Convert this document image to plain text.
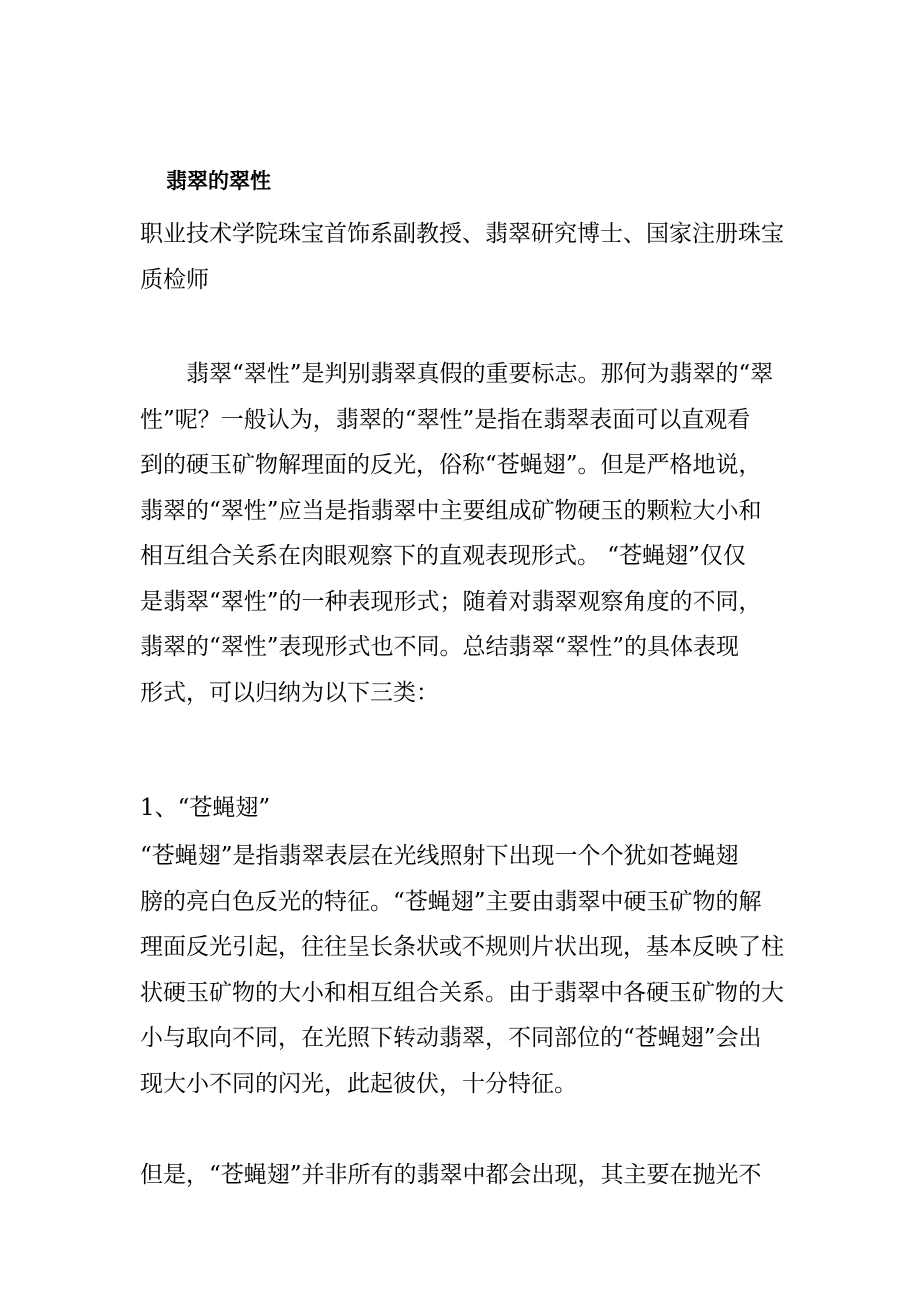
翡翠的翠性
职业技术学院珠宝首饰系副教授、翡翠研究博士、国家注册珠宝
质检师
翡翠“翠性”是判别翡翠真假的重要标志。那何为翡翠的“翠
性”呢？一般认为，翡翠的“翠性”是指在翡翠表面可以直观看
到的硬玉矿物解理面的反光，俗称“苍蝇翅”。但是严格地说，
翡翠的“翠性”应当是指翡翠中主要组成矿物硬玉的颗粒大小和
相互组合关系在肉眼观察下的直观表现形式。 “苍蝇翅”仅仅
是翡翠“翠性”的一种表现形式；随着对翡翠观察角度的不同，
翡翠的“翠性”表现形式也不同。总结翡翠“翠性”的具体表现
形式，可以归纳为以下三类：
1、“苍蝇翅”
“苍蝇翅”是指翡翠表层在光线照射下出现一个个犹如苍蝇翅
膀的亮白色反光的特征。“苍蝇翅”主要由翡翠中硬玉矿物的解
理面反光引起，往往呈长条状或不规则片状出现，基本反映了柱
状硬玉矿物的大小和相互组合关系。由于翡翠中各硬玉矿物的大
小与取向不同，在光照下转动翡翠，不同部位的“苍蝇翅”会出
现大小不同的闪光，此起彼伏，十分特征。
但是，“苍蝇翅”并非所有的翡翠中都会出现，其主要在抛光不
